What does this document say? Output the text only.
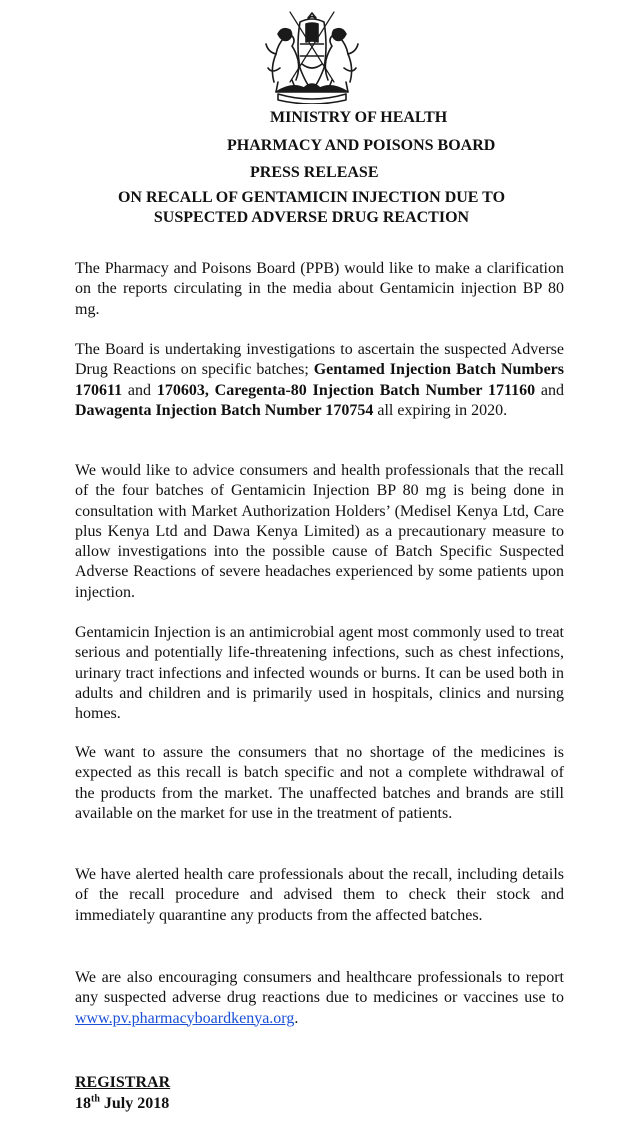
MINISTRY OF HEALTH

PHARMACY AND POISONS BOARD

PRESS RELEASE

ON RECALL OF GENTAMICIN INJECTION DUE TO
SUSPECTED ADVERSE DRUG REACTION

The Pharmacy and Poisons Board (PPB) would like to make a clarification on the reports circulating in the media about Gentamicin injection BP 80 mg.

The Board is undertaking investigations to ascertain the suspected Adverse Drug Reactions on specific batches; Gentamed Injection Batch Numbers 170611 and 170603, Caregenta-80 Injection Batch Number 171160 and Dawagenta Injection Batch Number 170754 all expiring in 2020.

We would like to advice consumers and health professionals that the recall of the four batches of Gentamicin Injection BP 80 mg is being done in consultation with Market Authorization Holders’ (Medisel Kenya Ltd, Care plus Kenya Ltd and Dawa Kenya Limited) as a precautionary measure to allow investigations into the possible cause of Batch Specific Suspected Adverse Reactions of severe headaches experienced by some patients upon injection.

Gentamicin Injection is an antimicrobial agent most commonly used to treat serious and potentially life-threatening infections, such as chest infections, urinary tract infections and infected wounds or burns. It can be used both in adults and children and is primarily used in hospitals, clinics and nursing homes.

We want to assure the consumers that no shortage of the medicines is expected as this recall is batch specific and not a complete withdrawal of the products from the market. The unaffected batches and brands are still available on the market for use in the treatment of patients.

We have alerted health care professionals about the recall, including details of the recall procedure and advised them to check their stock and immediately quarantine any products from the affected batches.

We are also encouraging consumers and healthcare professionals to report any suspected adverse drug reactions due to medicines or vaccines use to www.pv.pharmacyboardkenya.org.

REGISTRAR

18th July 2018
